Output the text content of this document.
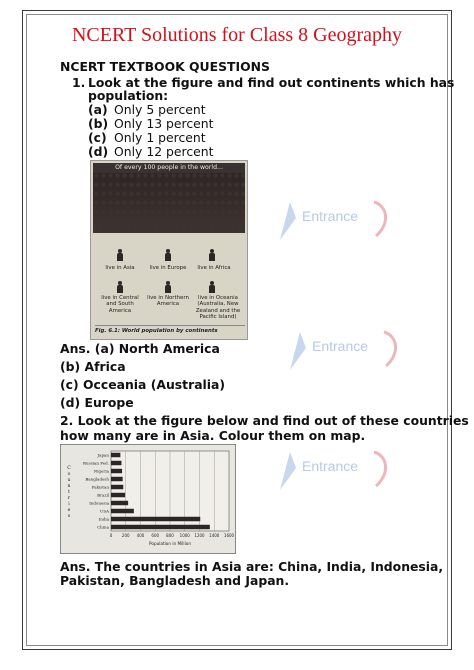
NCERT Solutions for Class 8 Geography
Entrance
Entrance
Entrance
NCERT TEXTBOOK QUESTIONS
1. Look at the figure and find out continents which has
population:
(a) Only 5 percent
(b) Only 13 percent
(c) Only 1 percent
(d) Only 12 percent
Of every 100 people in the world...
live in Asia	live in Europe	live in Africa
live in Central and South America
live in Northern America
live in Oceania (Australia, New Zealand and the Pacific Island)
Fig. 6.1: World population by continents
Ans. (a) North America
(b) Africa
(c) Occeania (Australia)
(d) Europe
2. Look at the figure below and find out of these countries
how many are in Asia. Colour them on map.
0 200 400 600 800 1000 1200 1400 1600
Japan
Russian Fed.
Nigeria
Bangladesh
Pakistan
Brazil
Indonesia
USA
India
China
Population in Million
C
o
u
n
t
r
i
e
s
Ans. The countries in Asia are: China, India, Indonesia,
Pakistan, Bangladesh and Japan.
